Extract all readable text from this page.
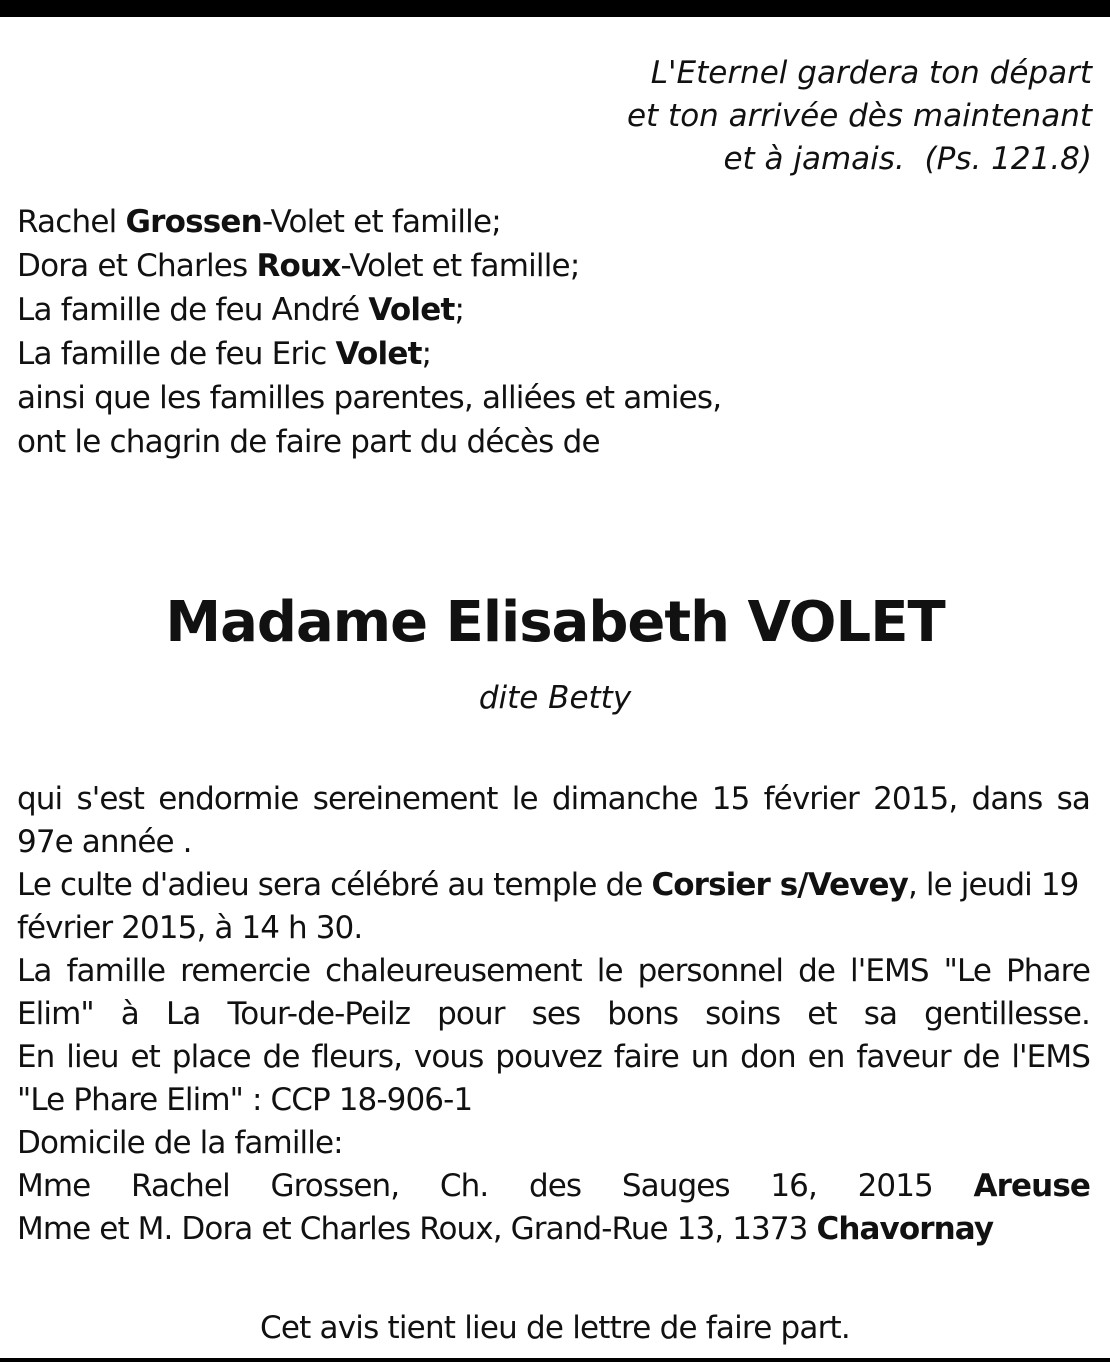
L'Eternel gardera ton départ
et ton arrivée dès maintenant
et à jamais.  (Ps. 121.8)
Rachel Grossen-Volet et famille;
Dora et Charles Roux-Volet et famille;
La famille de feu André Volet;
La famille de feu Eric Volet;
ainsi que les familles parentes, alliées et amies,
ont le chagrin de faire part du décès de
Madame Elisabeth VOLET
dite Betty
qui s'est endormie sereinement le dimanche 15 février 2015, dans sa
97e année .
Le culte d'adieu sera célébré au temple de Corsier s/Vevey, le jeudi 19
février 2015, à 14 h 30.
La famille remercie chaleureusement le personnel de l'EMS "Le Phare
Elim" à La Tour-de-Peilz pour ses bons soins et sa gentillesse.
En lieu et place de fleurs, vous pouvez faire un don en faveur de l'EMS
"Le Phare Elim" : CCP 18-906-1
Domicile de la famille:
Mme Rachel Grossen, Ch. des Sauges 16, 2015 Areuse
Mme et M. Dora et Charles Roux, Grand-Rue 13, 1373 Chavornay
Cet avis tient lieu de lettre de faire part.
